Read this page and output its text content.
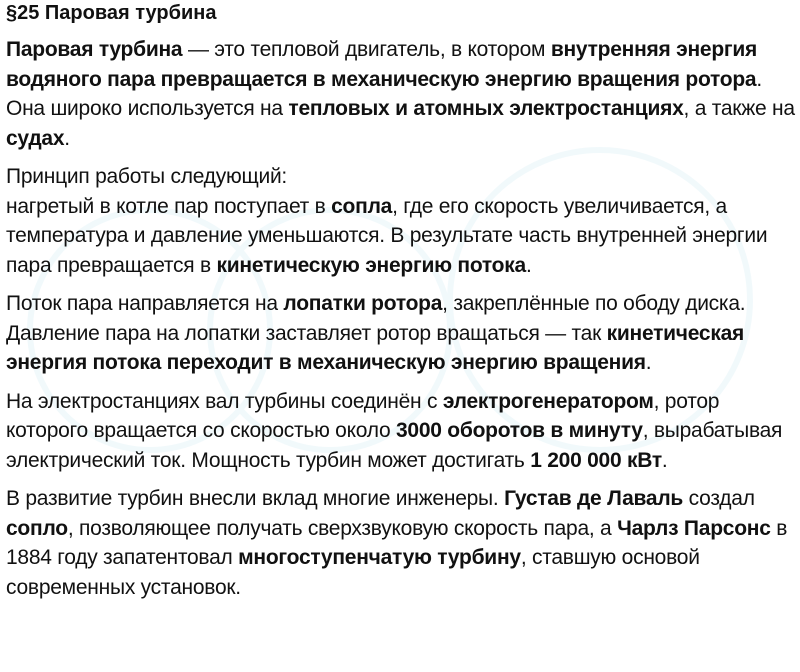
§25 Паровая турбина

Паровая турбина — это тепловой двигатель, в котором внутренняя энергия водяного пара превращается в механическую энергию вращения ротора. Она широко используется на тепловых и атомных электростанциях, а также на судах.

Принцип работы следующий:
нагретый в котле пар поступает в сопла, где его скорость увеличивается, а температура и давление уменьшаются. В результате часть внутренней энергии пара превращается в кинетическую энергию потока.

Поток пара направляется на лопатки ротора, закреплённые по ободу диска. Давление пара на лопатки заставляет ротор вращаться — так кинетическая энергия потока переходит в механическую энергию вращения.

На электростанциях вал турбины соединён с электрогенератором, ротор которого вращается со скоростью около 3000 оборотов в минуту, вырабатывая электрический ток. Мощность турбин может достигать 1 200 000 кВт.

В развитие турбин внесли вклад многие инженеры. Густав де Лаваль создал сопло, позволяющее получать сверхзвуковую скорость пара, а Чарлз Парсонс в 1884 году запатентовал многоступенчатую турбину, ставшую основой современных установок.
